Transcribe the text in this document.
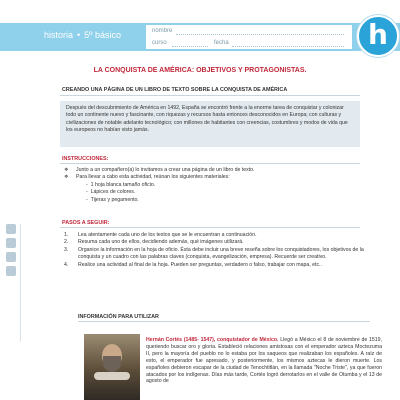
historia • 5º básico	nombre
curso	fecha	h
LA CONQUISTA DE AMÉRICA: OBJETIVOS Y PROTAGONISTAS.
CREANDO UNA PÁGINA DE UN LIBRO DE TEXTO SOBRE LA CONQUISTA DE AMÉRICA
Después del descubrimiento de América en 1492, España se encontró frente a la enorme tarea de conquistar y colonizar todo un continente nuevo y fascinante, con riquezas y recursos hasta entonces desconocidos en Europa; con culturas y civilizaciones de notable adelanto tecnológico; con millones de habitantes con creencias, costumbres y modos de vida que los europeos no habían visto jamás.
INSTRUCCIONES:
❖ Junto a un compañero(a) lo invitamos a crear una página de un libro de texto.
❖ Para llevar a cabo esta actividad, reúnan los siguientes materiales:
-  1 hoja blanca tamaño oficio.
-  Lápices de colores.
-  Tijeras y pegamento.
PASOS A SEGUIR:
1.	Lea atentamente cada uno de los textos que se le encuentran a continuación.
2.	Resuma cada uno de ellos, decidiendo además, qué imágenes utilizará.
3.	Organice la información en la hoja de oficio. Ésta debe incluir una breve reseña sobre los conquistadores, los objetivos de la conquista y un cuadro con las palabras claves (conquista, evangelización, empresa). Recuerde ser creativo.
4.	Realice una actividad al final de la hoja. Pueden ser preguntas, verdadero o falso, trabajar con mapa, etc..
INFORMACIÓN PARA UTILIZAR
Hernán Cortés (1485- 1547), conquistador de México. Llegó a México el 8 de noviembre de 1519, queriendo buscar oro y gloria. Estableció relaciones amistosas con el emperador azteca Moctezuma II, pero la mayoría del pueblo no lo estaba por los saqueos que realizaban los españoles. A raíz de esto, el emperador fue apresado, y posteriormente, los mismos aztecas le dieron muerte. Los españoles debieron escapar de la ciudad de Tenochtitlán, en la llamada "Noche Triste", ya que fueron atacados por los indígenas. Días más tarde, Cortés logró derrotarlos en el valle de Otumba y el 13 de agosto de
